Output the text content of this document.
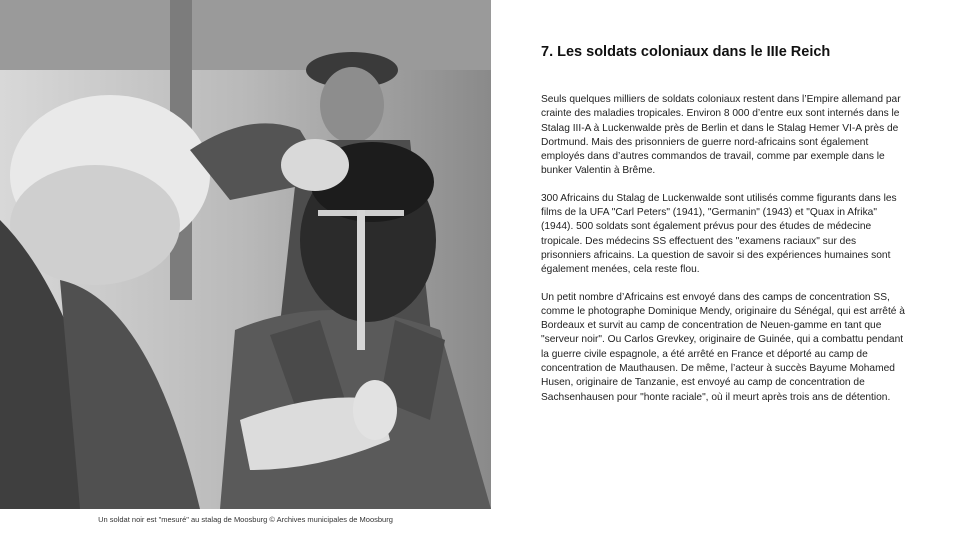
Un soldat noir est "mesuré" au stalag de Moosburg © Archives municipales de Moosburg
7. Les soldats coloniaux dans le IIIe Reich

Seuls quelques milliers de soldats coloniaux restent dans l’Empire allemand par crainte des maladies tropicales. Environ 8 000 d’entre eux sont internés dans le Stalag III-A à Luckenwalde près de Berlin et dans le Stalag Hemer VI-A près de Dortmund. Mais des prisonniers de guerre nord-africains sont également employés dans d’autres commandos de travail, comme par exemple dans le bunker Valentin à Brême.

300 Africains du Stalag de Luckenwalde sont utilisés comme figurants dans les films de la UFA "Carl Peters" (1941), "Germanin" (1943) et "Quax in Afrika" (1944). 500 soldats sont également prévus pour des études de médecine tropicale. Des médecins SS effectuent des "examens raciaux" sur des prisonniers africains. La question de savoir si des expériences humaines sont également menées, cela reste flou.

Un petit nombre d’Africains est envoyé dans des camps de concentration SS, comme le photographe Dominique Mendy, originaire du Sénégal, qui est arrêté à Bordeaux et survit au camp de concentration de Neuen-gamme en tant que "serveur noir". Ou Carlos Grevkey, originaire de Guinée, qui a combattu pendant la guerre civile espagnole, a été arrêté en France et déporté au camp de concentration de Mauthausen. De même, l’acteur à succès Bayume Mohamed Husen, originaire de Tanzanie, est envoyé au camp de concentration de Sachsenhausen pour "honte raciale", où il meurt après trois ans de détention.
